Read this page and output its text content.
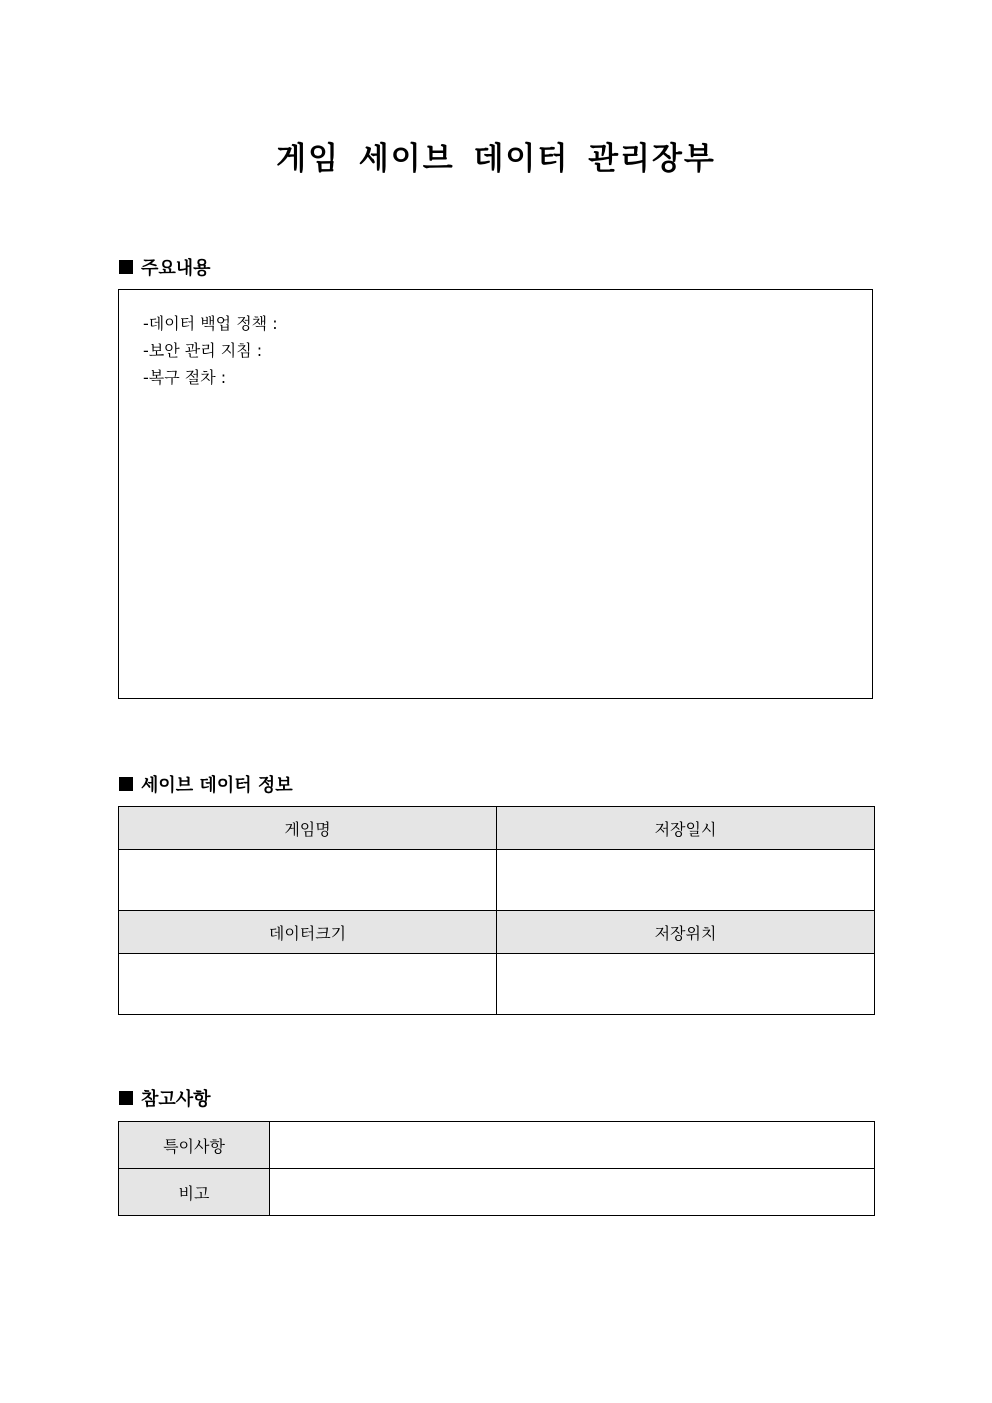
게임 세이브 데이터 관리장부
주요내용
-데이터 백업 정책 :
-보안 관리 지침 :
-복구 절차 :
세이브 데이터 정보
게임명	저장일시

데이터크기	저장위치

참고사항
특이사항	
비고	
